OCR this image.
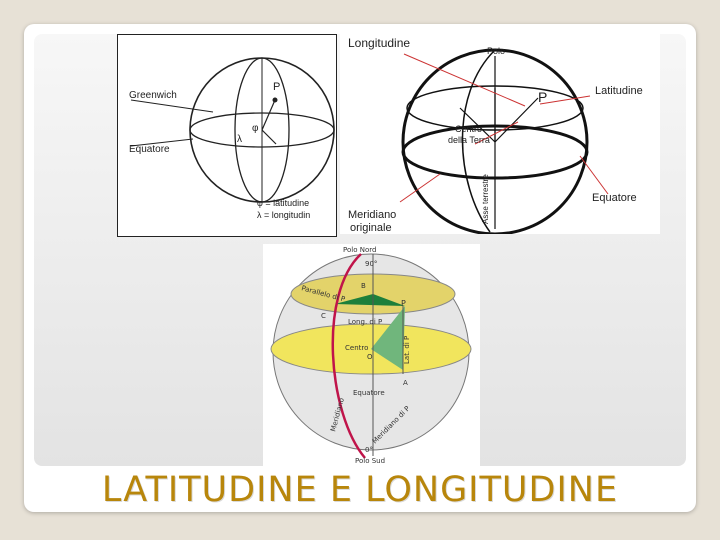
Greenwich
Equatore
P
φ
λ
φ = latitudine
λ = longitudin
Longitudine
Polo
P	Latitudine
Centro
della Terra
Asse terrestre
Meridiano
originale
Equatore
Polo Nord
90°
B
Parallelo di P	P
C
Long. di P
Centro
O	Lat. di P
A
Equatore
Meridiano	Meridiano di P
0°
Polo Sud
LATITUDINE E LONGITUDINE
